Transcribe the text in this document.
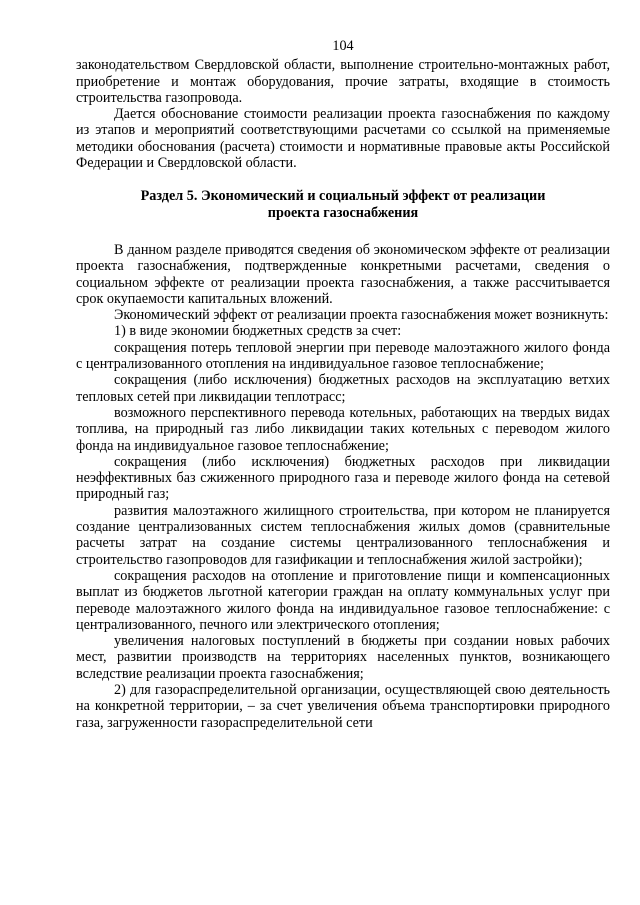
104

законодательством Свердловской области, выполнение строительно-монтажных работ, приобретение и монтаж оборудования, прочие затраты, входящие в стоимость строительства газопровода.

Дается обоснование стоимости реализации проекта газоснабжения по каждому из этапов и мероприятий соответствующими расчетами со ссылкой на применяемые методики обоснования (расчета) стоимости и нормативные правовые акты Российской Федерации и Свердловской области.

Раздел 5. Экономический и социальный эффект от реализации
проекта газоснабжения

В данном разделе приводятся сведения об экономическом эффекте от реализации проекта газоснабжения, подтвержденные конкретными расчетами, сведения о социальном эффекте от реализации проекта газоснабжения, а также рассчитывается срок окупаемости капитальных вложений.

Экономический эффект от реализации проекта газоснабжения может возникнуть:

1) в виде экономии бюджетных средств за счет:

сокращения потерь тепловой энергии при переводе малоэтажного жилого фонда с централизованного отопления на индивидуальное газовое теплоснабжение;

сокращения (либо исключения) бюджетных расходов на эксплуатацию ветхих тепловых сетей при ликвидации теплотрасс;

возможного перспективного перевода котельных, работающих на твердых видах топлива, на природный газ либо ликвидации таких котельных с переводом жилого фонда на индивидуальное газовое теплоснабжение;

сокращения (либо исключения) бюджетных расходов при ликвидации неэффективных баз сжиженного природного газа и переводе жилого фонда на сетевой природный газ;

развития малоэтажного жилищного строительства, при котором не планируется создание централизованных систем теплоснабжения жилых домов (сравнительные расчеты затрат на создание системы централизованного теплоснабжения и строительство газопроводов для газификации и теплоснабжения жилой застройки);

сокращения расходов на отопление и приготовление пищи и компенсационных выплат из бюджетов льготной категории граждан на оплату коммунальных услуг при переводе малоэтажного жилого фонда на индивидуальное газовое теплоснабжение: с централизованного, печного или электрического отопления;

увеличения налоговых поступлений в бюджеты при создании новых рабочих мест, развитии производств на территориях населенных пунктов, возникающего вследствие реализации проекта газоснабжения;

2) для газораспределительной организации, осуществляющей свою деятельность на конкретной территории, – за счет увеличения объема транспортировки природного газа, загруженности газораспределительной сети
